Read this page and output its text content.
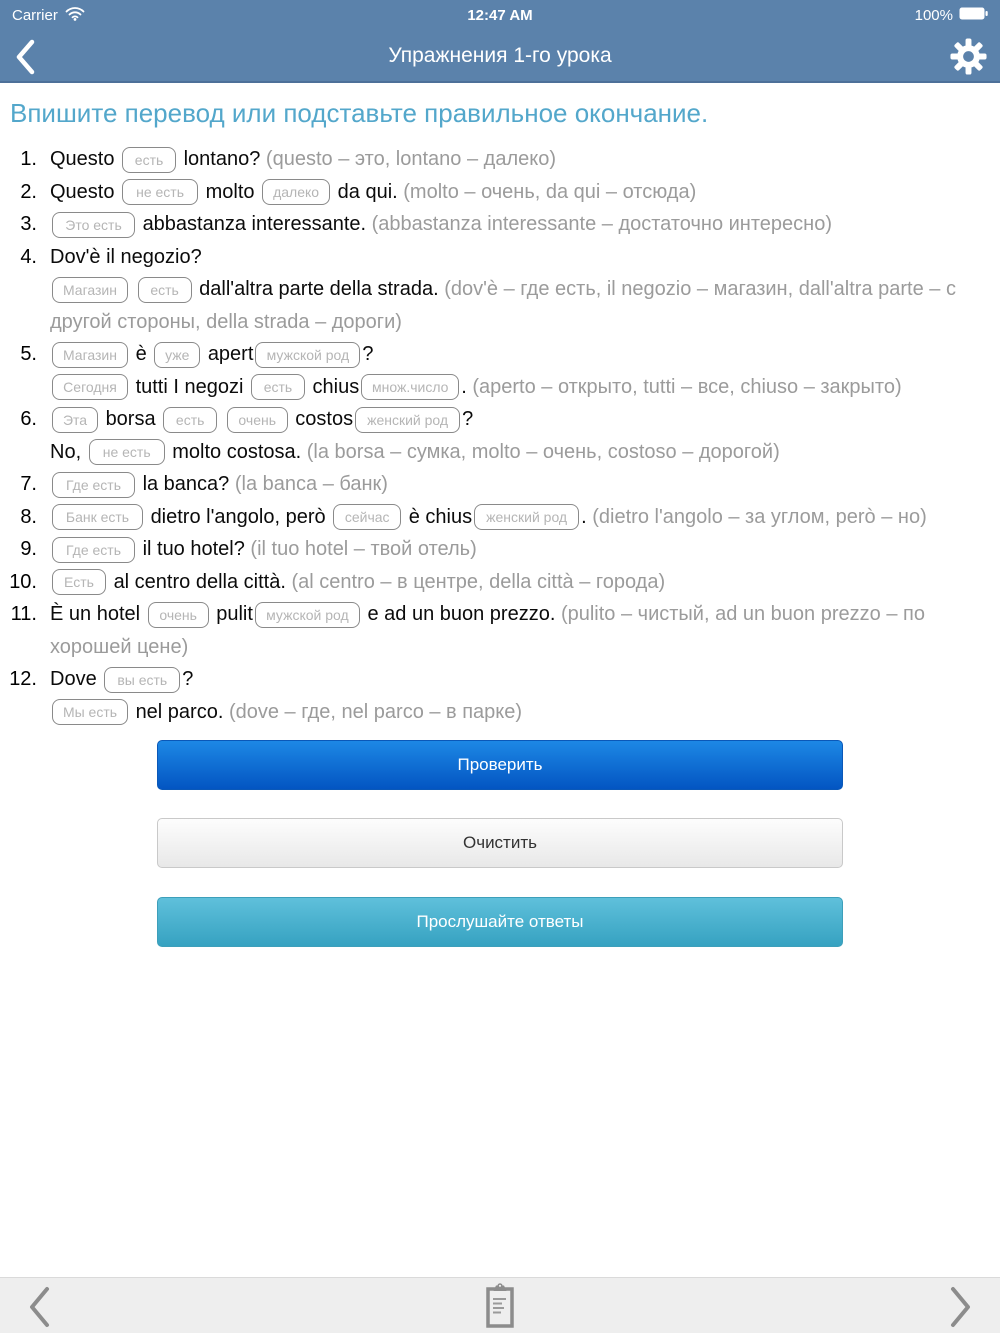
Carrier	12:47 AM	100%
Упражнения 1-го урока
Впишите перевод или подставьте правильное окончание.
1. Questo есть	lontano? (questo – это, lontano – далеко)
2. Questo не есть	molto далеко	da qui. (molto – очень, da qui – отсюда)
3.
Это есть	abbastanza interessante. (abbastanza interessante – достаточно интересно)
4. Dov'è il negozio?
Магазин есть dall'altra parte della strada. (dov'è – где есть, il negozio – магазин, dall'altra parte – с другой стороны, della strada – дороги)
5.
Магазин	è уже	apertмужской род	?
Сегодня tutti I negozi есть	chiusмнож.число	. (aperto – открыто, tutti – все, chiuso – закрыто)
6.
Эта	borsa есть очень	costosженский род	?
No, не есть	molto costosa. (la borsa – сумка, molto – очень, costoso – дорогой)
7.
Где есть	la banca? (la banca – банк)
8.
Банк есть	dietro l'angolo, però сейчас	è chiusженский род	. (dietro l'angolo – за углом, però – но)
9.
Где есть	il tuo hotel? (il tuo hotel – твой отель)
10.
Есть	al centro della città. (al centro – в центре, della città – города)
11. È un hotel очень	pulitмужской род	e ad un buon prezzo. (pulito – чистый, ad un buon prezzo – по хорошей цене)
12. Dove вы есть	?
Мы есть nel parco. (dove – где, nel parco – в парке)
Проверить
Очистить
Прослушайте ответы
